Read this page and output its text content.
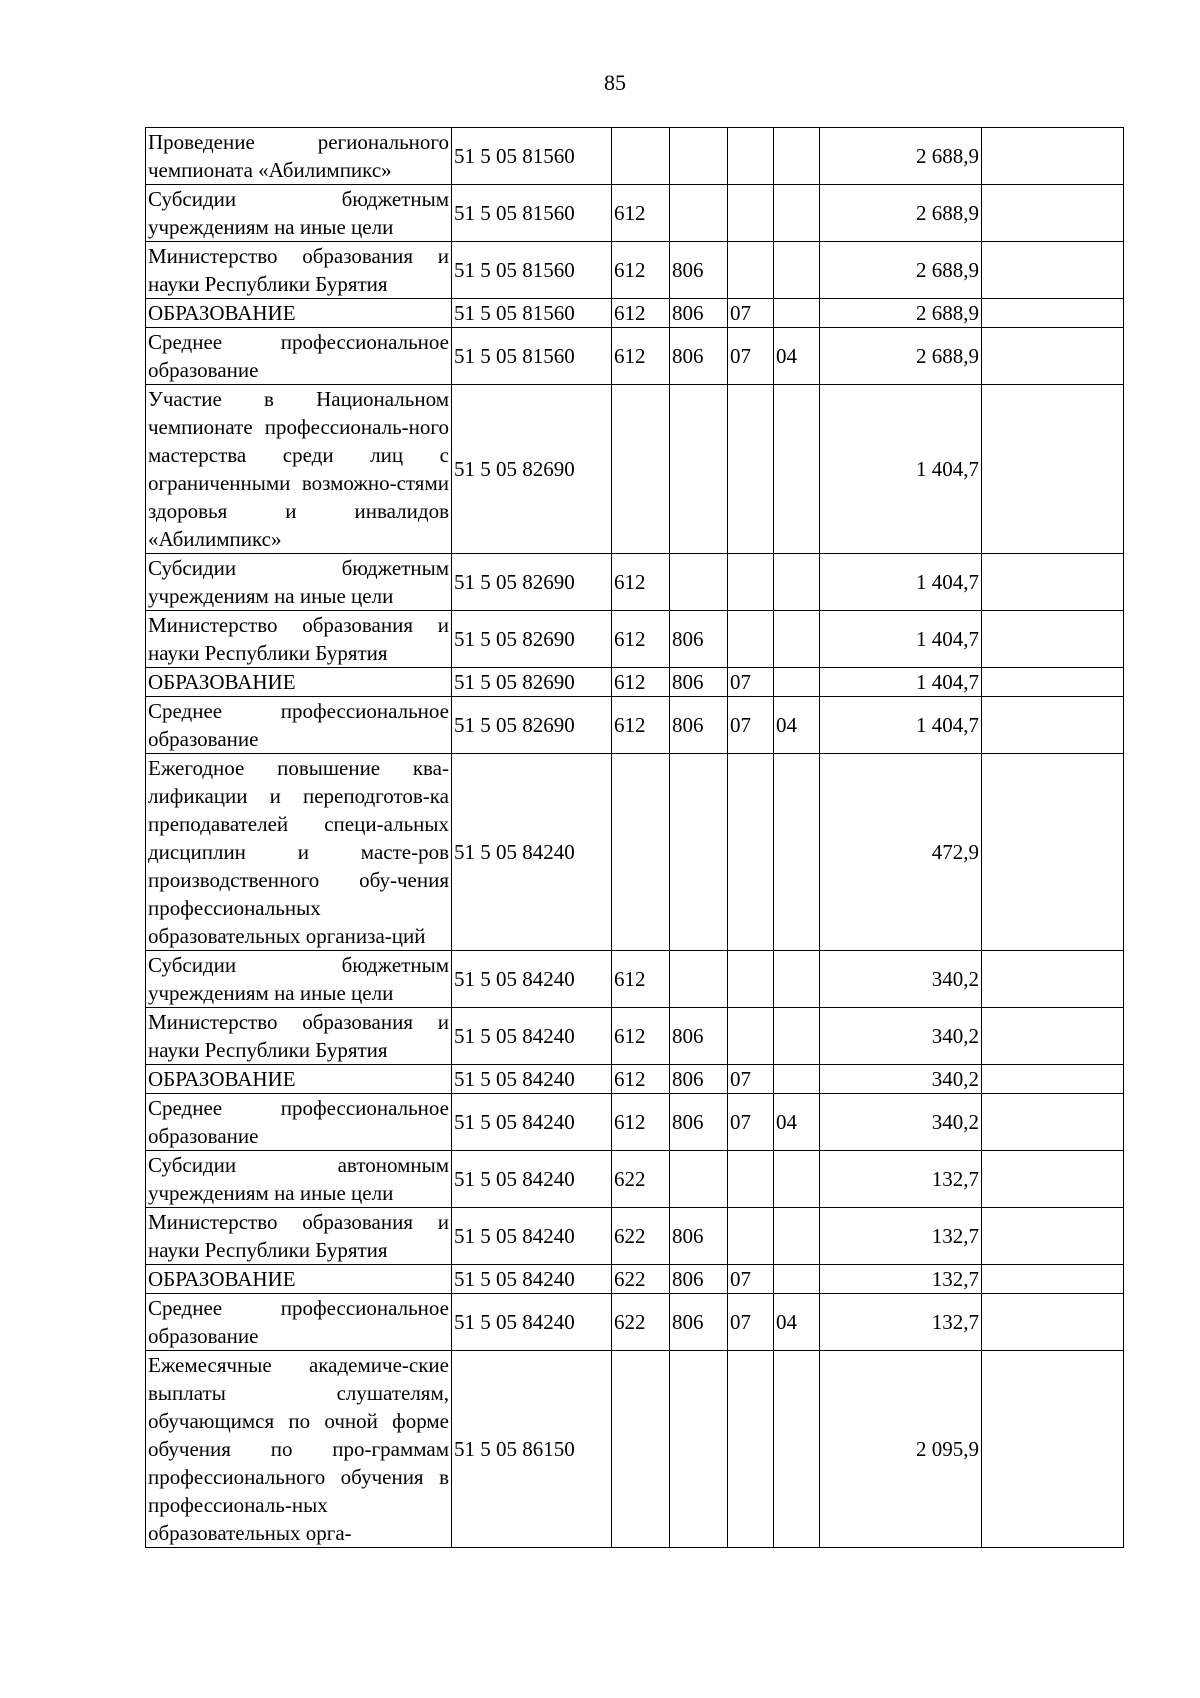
85
Проведение регионального чемпионата «Абилимпикс»	51 5 05 81560					2 688,9	
Субсидии бюджетным учреждениям на иные цели	51 5 05 81560	612				2 688,9	
Министерство образования и науки Республики Бурятия	51 5 05 81560	612	806			2 688,9	
ОБРАЗОВАНИЕ	51 5 05 81560	612	806	07		2 688,9	
Среднее профессиональное образование	51 5 05 81560	612	806	07	04	2 688,9	
Участие в Национальном чемпионате профессиональ-ного мастерства среди лиц с ограниченными возможно-стями здоровья и инвалидов «Абилимпикс»	51 5 05 82690					1 404,7	
Субсидии бюджетным учреждениям на иные цели	51 5 05 82690	612				1 404,7	
Министерство образования и науки Республики Бурятия	51 5 05 82690	612	806			1 404,7	
ОБРАЗОВАНИЕ	51 5 05 82690	612	806	07		1 404,7	
Среднее профессиональное образование	51 5 05 82690	612	806	07	04	1 404,7	
Ежегодное повышение ква-лификации и переподготов-ка преподавателей специ-альных дисциплин и масте-ров производственного обу-чения профессиональных образовательных организа-ций	51 5 05 84240					472,9	
Субсидии бюджетным учреждениям на иные цели	51 5 05 84240	612				340,2	
Министерство образования и науки Республики Бурятия	51 5 05 84240	612	806			340,2	
ОБРАЗОВАНИЕ	51 5 05 84240	612	806	07		340,2	
Среднее профессиональное образование	51 5 05 84240	612	806	07	04	340,2	
Субсидии автономным учреждениям на иные цели	51 5 05 84240	622				132,7	
Министерство образования и науки Республики Бурятия	51 5 05 84240	622	806			132,7	
ОБРАЗОВАНИЕ	51 5 05 84240	622	806	07		132,7	
Среднее профессиональное образование	51 5 05 84240	622	806	07	04	132,7	
Ежемесячные академиче-ские выплаты слушателям, обучающимся по очной форме обучения по про-граммам профессионального обучения в профессиональ-ных образовательных орга-	51 5 05 86150					2 095,9	
